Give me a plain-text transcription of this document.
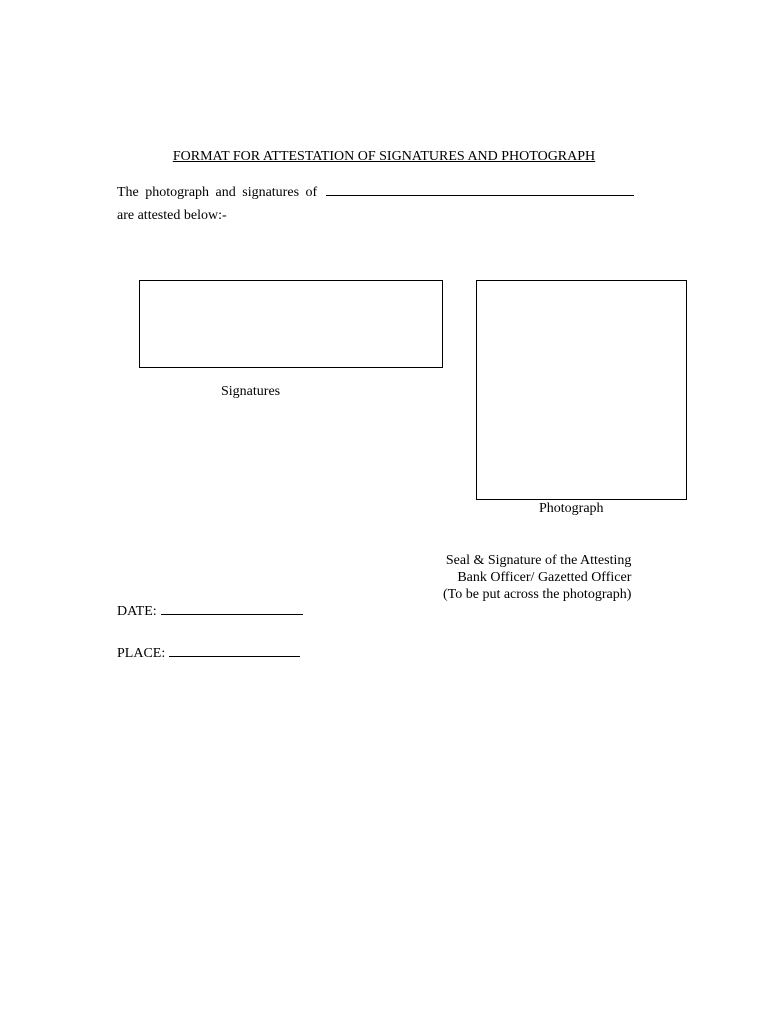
FORMAT FOR ATTESTATION OF SIGNATURES AND PHOTOGRAPH
The photograph and signatures of
are attested below:-
Signatures
Photograph
Seal & Signature of the Attesting
Bank Officer/ Gazetted Officer
(To be put across the photograph)
DATE:
PLACE:
